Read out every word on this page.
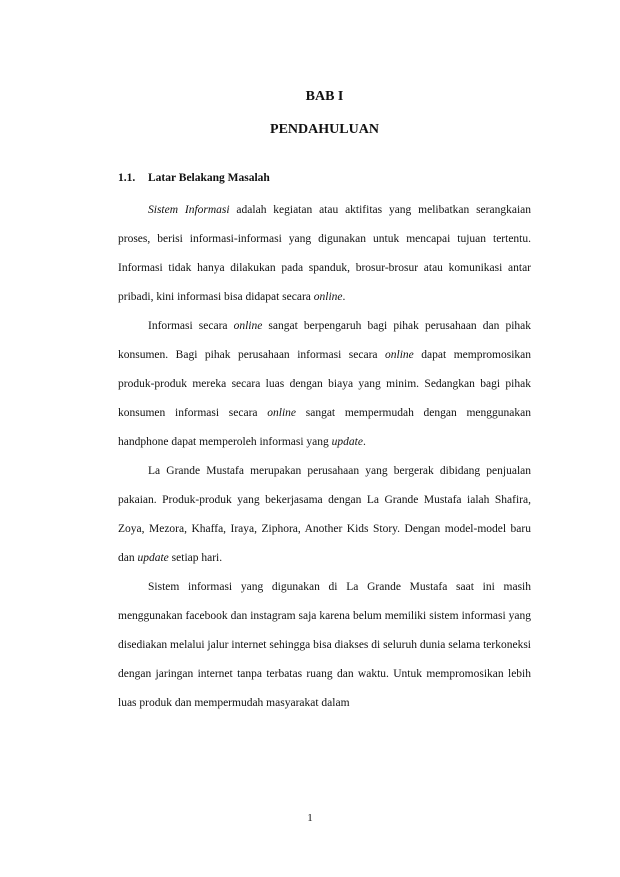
BAB I
PENDAHULUAN
1.1. Latar Belakang Masalah

Sistem Informasi adalah kegiatan atau aktifitas yang melibatkan serangkaian proses, berisi informasi-informasi yang digunakan untuk mencapai tujuan tertentu. Informasi tidak hanya dilakukan pada spanduk, brosur-brosur atau komunikasi antar pribadi, kini informasi bisa didapat secara online.

Informasi secara online sangat berpengaruh bagi pihak perusahaan dan pihak konsumen. Bagi pihak perusahaan informasi secara online dapat mempromosikan produk-produk mereka secara luas dengan biaya yang minim. Sedangkan bagi pihak konsumen informasi secara online sangat mempermudah dengan menggunakan handphone dapat memperoleh informasi yang update.

La Grande Mustafa merupakan perusahaan yang bergerak dibidang penjualan pakaian. Produk-produk yang bekerjasama dengan La Grande Mustafa ialah Shafira, Zoya, Mezora, Khaffa, Iraya, Ziphora, Another Kids Story. Dengan model-model baru dan update setiap hari.

Sistem informasi yang digunakan di La Grande Mustafa saat ini masih menggunakan facebook dan instagram saja karena belum memiliki sistem informasi yang disediakan melalui jalur internet sehingga bisa diakses di seluruh dunia selama terkoneksi dengan jaringan internet tanpa terbatas ruang dan waktu. Untuk mempromosikan lebih luas produk dan mempermudah masyarakat dalam

1
